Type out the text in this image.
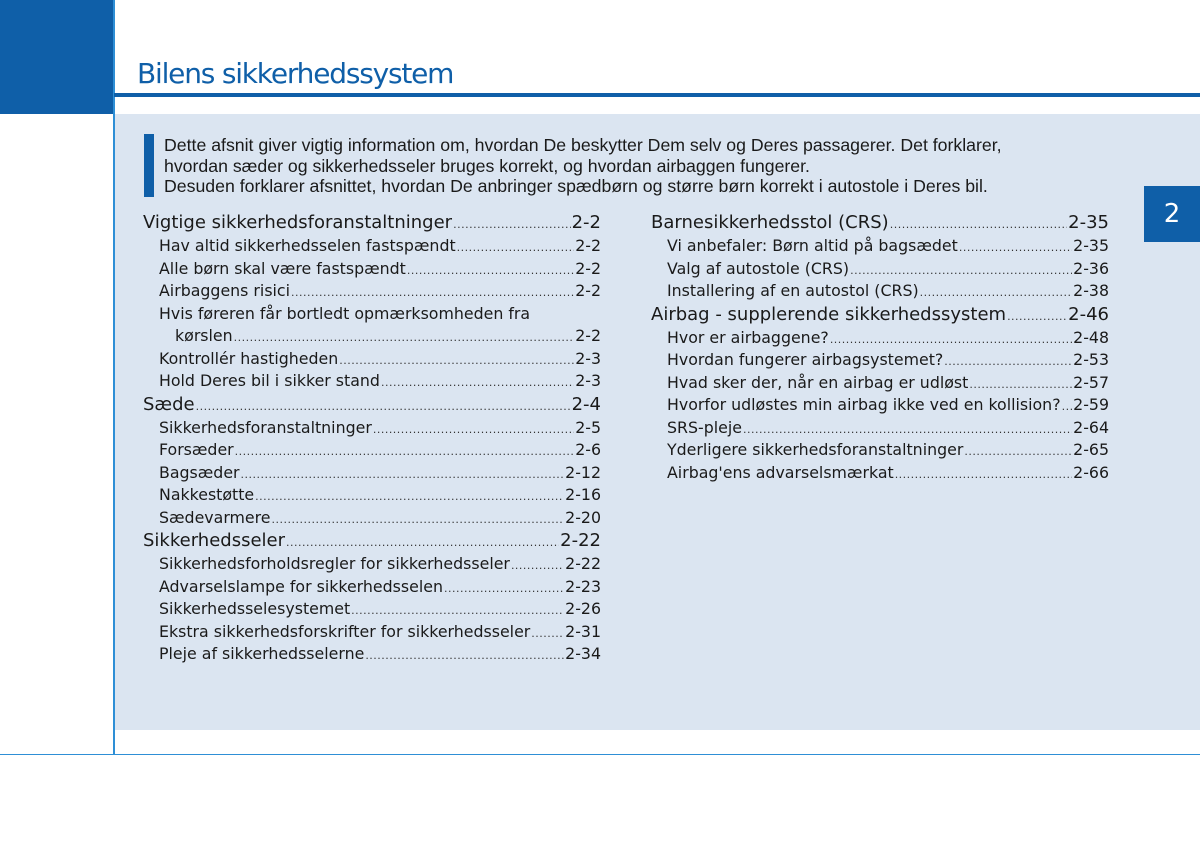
Bilens sikkerhedssystem
2

Dette afsnit giver vigtig information om, hvordan De beskytter Dem selv og Deres passagerer. Det forklarer,
hvordan sæder og sikkerhedsseler bruges korrekt, og hvordan airbaggen fungerer.
Desuden forklarer afsnittet, hvordan De anbringer spædbørn og større børn korrekt i autostole i Deres bil.

Vigtige sikkerhedsforanstaltninger .....	2-2
Hav altid sikkerhedsselen fastspændt .....	2-2
Alle børn skal være fastspændt .....	2-2
Airbaggens risici .....	2-2
Hvis føreren får bortledt opmærksomheden fra
kørslen .....	2-2
Kontrollér hastigheden .....	2-3
Hold Deres bil i sikker stand .....	2-3
Sæde .....	2-4
Sikkerhedsforanstaltninger .....	2-5
Forsæder .....	2-6
Bagsæder .....	2-12
Nakkestøtte .....	2-16
Sædevarmere .....	2-20
Sikkerhedsseler .....	2-22
Sikkerhedsforholdsregler for sikkerhedsseler .....	2-22
Advarselslampe for sikkerhedsselen .....	2-23
Sikkerhedsselesystemet .....	2-26
Ekstra sikkerhedsforskrifter for sikkerhedsseler ..... 2-31
Pleje af sikkerhedsselerne .....	2-34
Barnesikkerhedsstol (CRS) .....	2-35
Vi anbefaler: Børn altid på bagsædet .....	2-35
Valg af autostole (CRS) .....	2-36
Installering af en autostol (CRS) .....	2-38
Airbag - supplerende sikkerhedssystem .....	2-46
Hvor er airbaggene? .....	2-48
Hvordan fungerer airbagsystemet? .....	2-53
Hvad sker der, når en airbag er udløst .....	2-57
Hvorfor udløstes min airbag ikke ved en kollision? ..... 2-59
SRS-pleje .....	2-64
Yderligere sikkerhedsforanstaltninger .....	2-65
Airbag'ens advarselsmærkat .....	2-66
